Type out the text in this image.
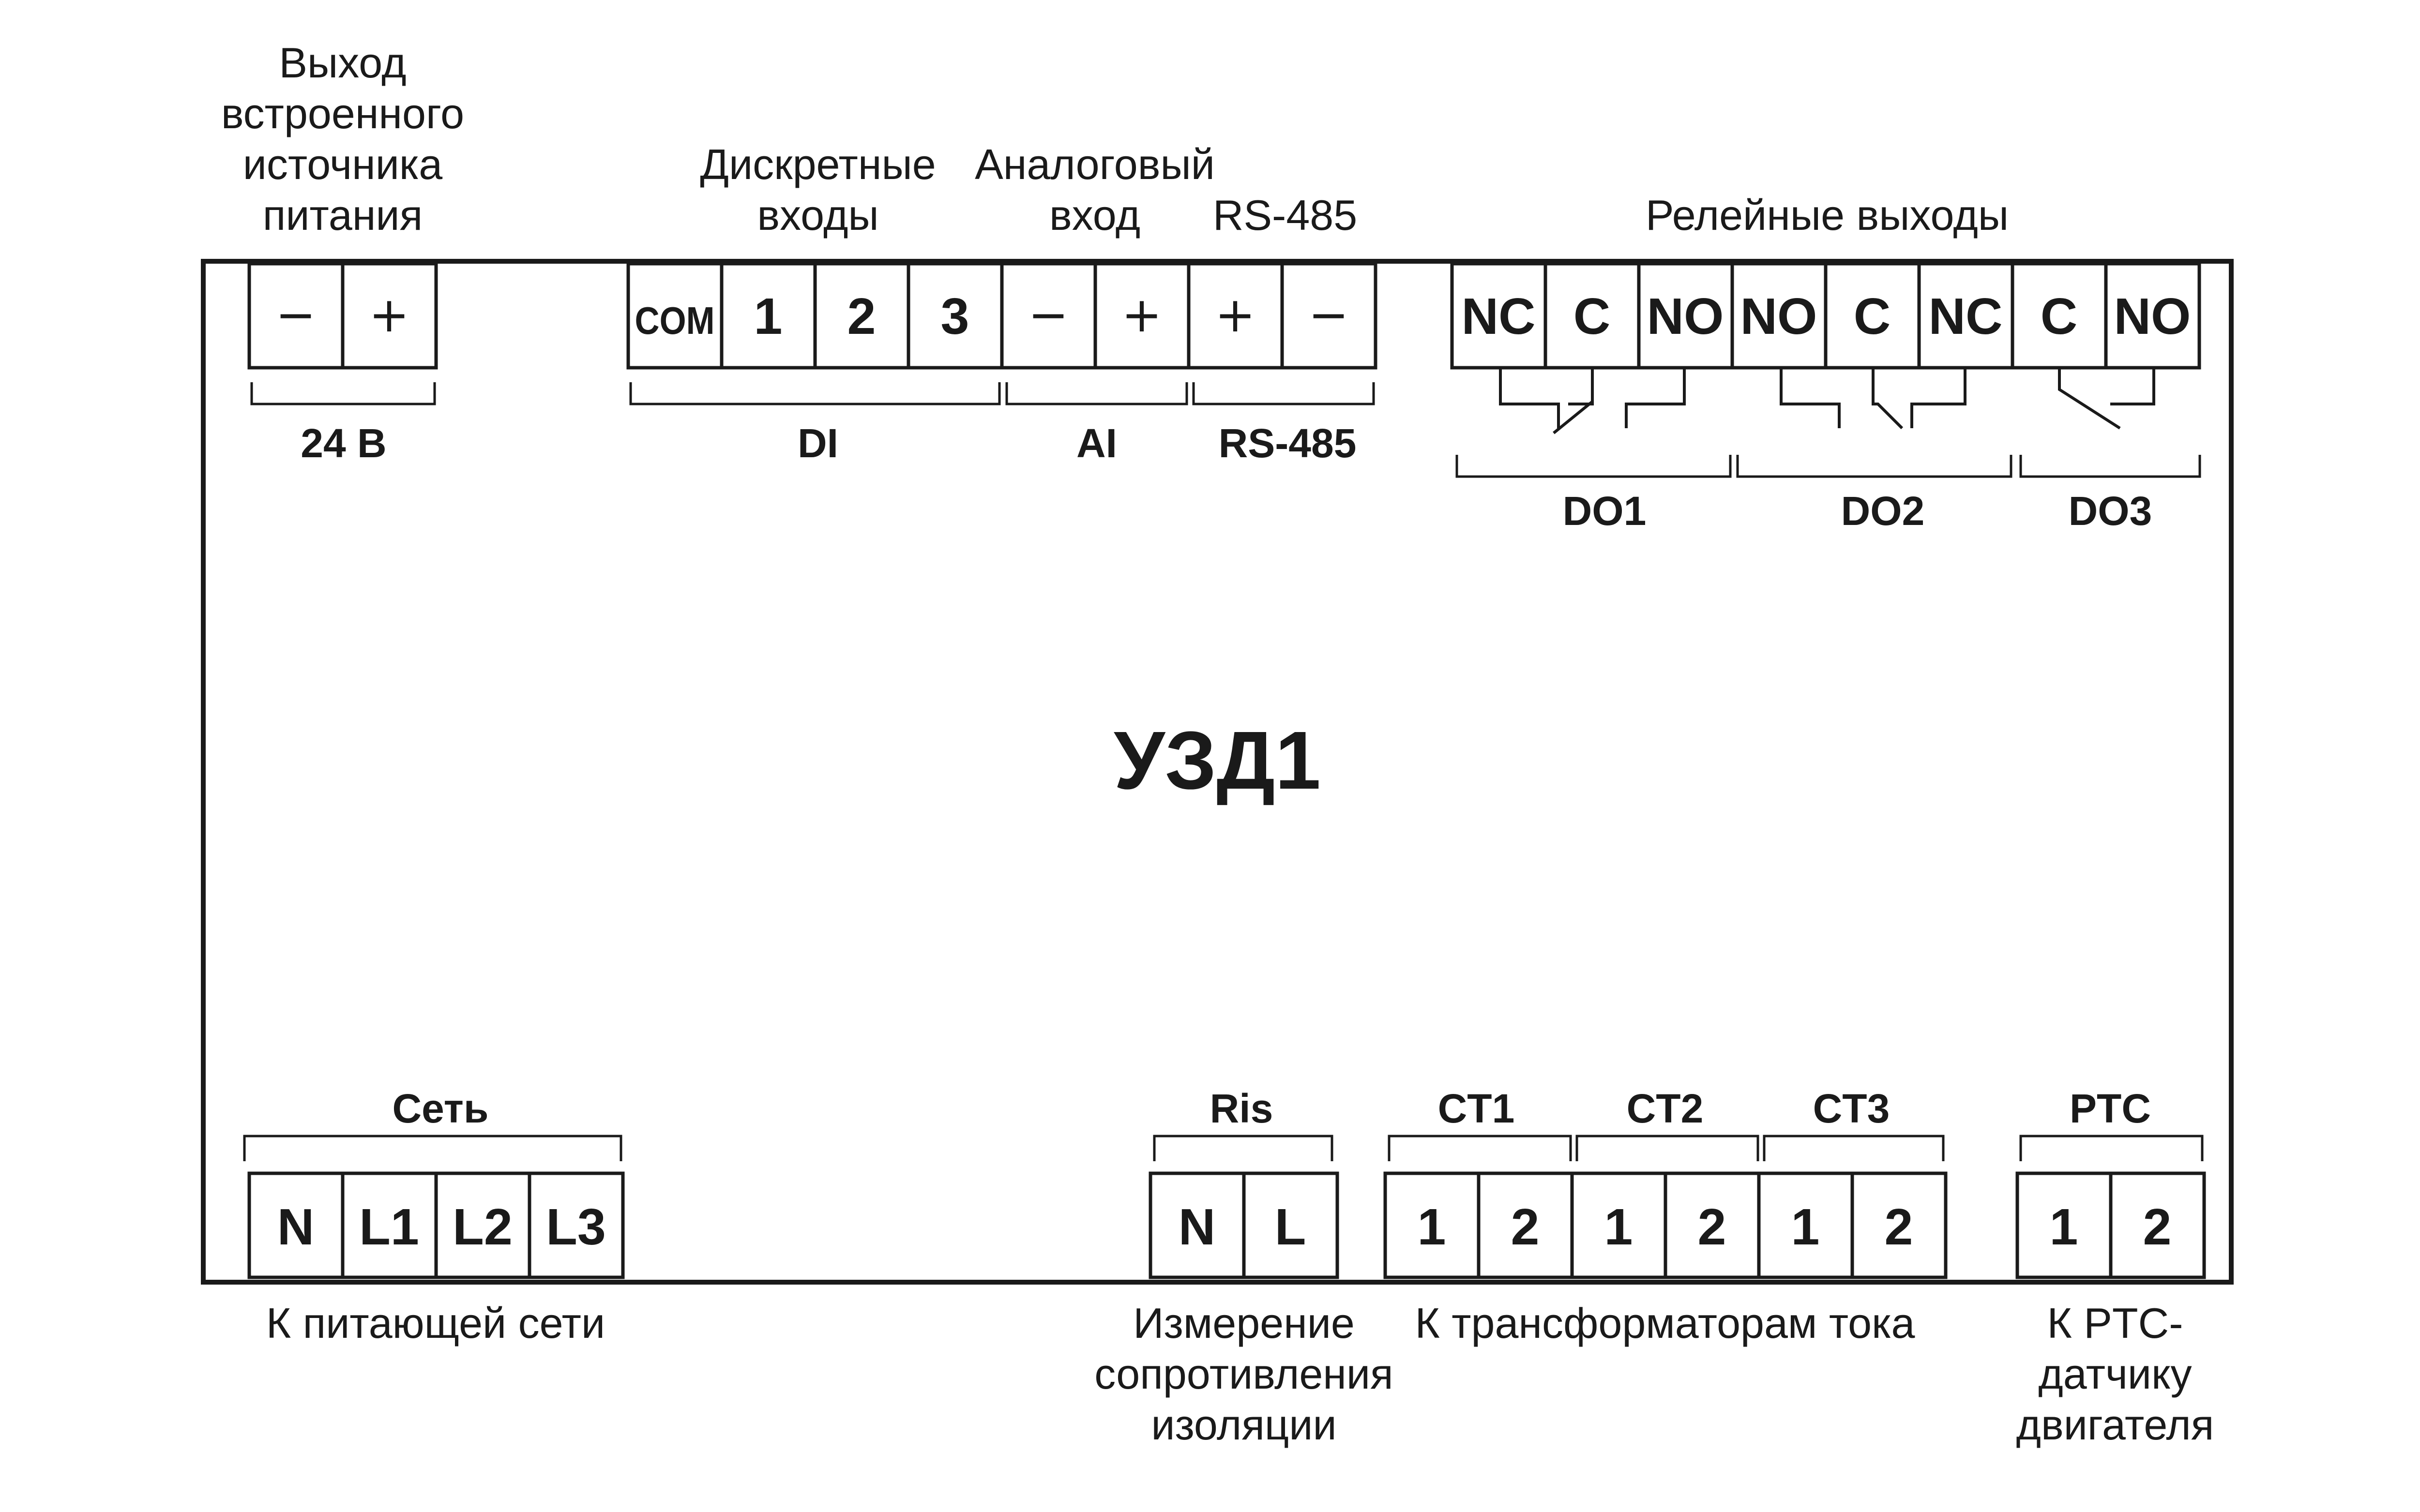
УЗД1
Выход
встроенного
источника
питания
− +
24 В
Дискретные
входы
COM 1 2 3
DI
Аналоговый
вход
− +
AI
RS-485
+ −
RS-485
Релейные выходы
NC C NO NO C NC C NO
DO1	DO2	DO3
Сеть
N L1 L2 L3
К питающей сети
Ris
N L
Измерение
сопротивления
изоляции
CT1	CT2	CT3
1 2 1 2 1 2
К трансформаторам тока
PTC
1 2
К PTC-
датчику
двигателя
